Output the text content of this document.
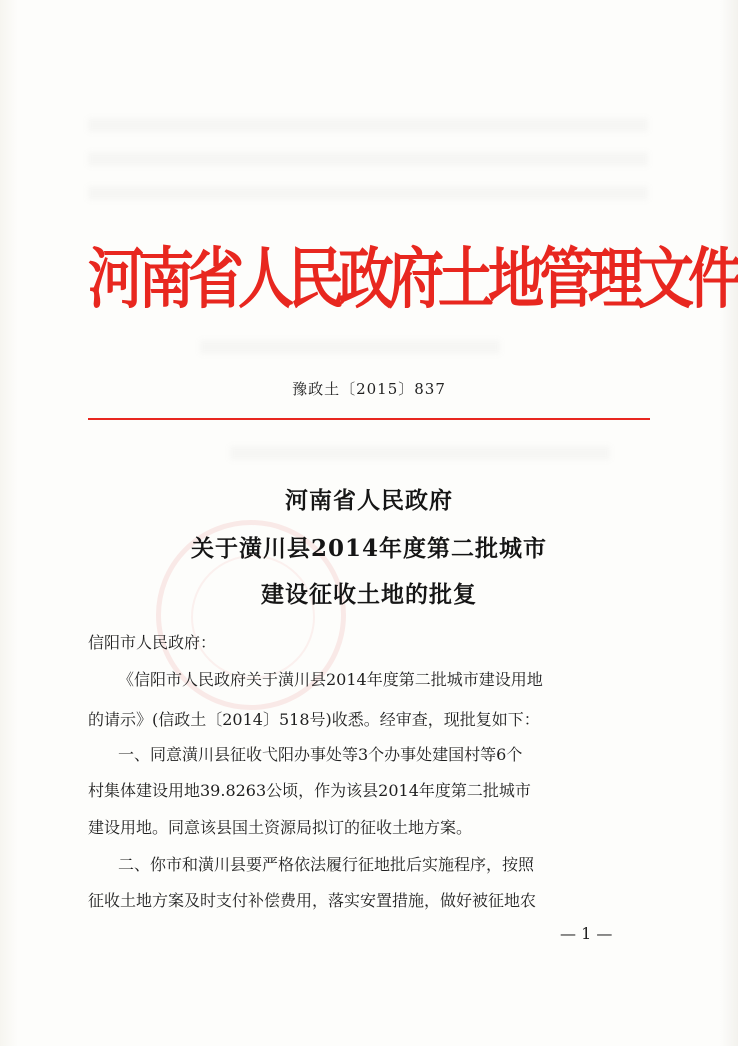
河南省人民政府土地管理文件
豫政土〔2015〕837
河南省人民政府
关于潢川县2014年度第二批城市
建设征收土地的批复
信阳市人民政府：
《信阳市人民政府关于潢川县2014年度第二批城市建设用地
的请示》(信政土〔2014〕518号)收悉。经审查，现批复如下：
一、同意潢川县征收弋阳办事处等3个办事处建国村等6个
村集体建设用地39.8263公顷，作为该县2014年度第二批城市
建设用地。同意该县国土资源局拟订的征收土地方案。
二、你市和潢川县要严格依法履行征地批后实施程序，按照
征收土地方案及时支付补偿费用，落实安置措施，做好被征地农
— 1 —
